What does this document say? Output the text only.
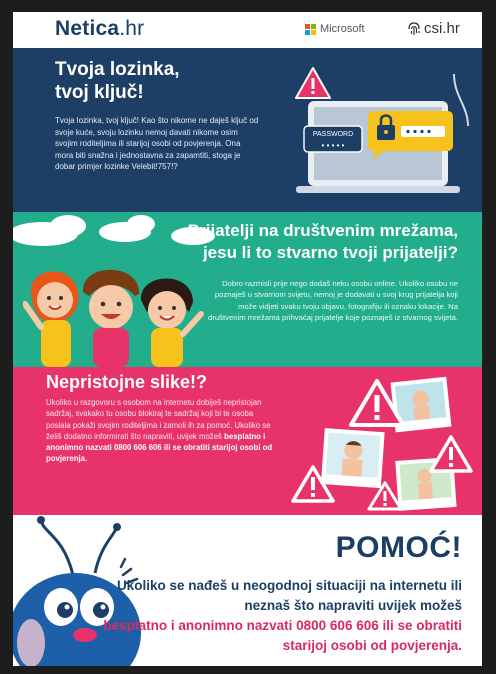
Netica.hr	Microsoft	csi.hr
Tvoja lozinka,
tvoj ključ!

Tvoja lozinka, tvoj ključ! Kao što nikome ne daješ ključ od svoje kuće, svoju lozinku nemoj davati nikome osim svojim roditeljima ili starijoj osobi od povjerenja. Ona mora biti snažna i jednostavna za zapamtiti, stoga je dobar primjer lozinke Velebit!757!?

PASSWORD
• • • • •
Prijatelji na društvenim mrežama,
jesu li to stvarno tvoji prijatelji?

Dobro razmisli prije nego dodaš neku osobu online. Ukoliko osobu ne poznaješ u stvarnom svijetu, nemoj je dodavati u svoj krug prijatelja koji može vidjeti svaku tvoju objavu, fotografiju ili oznaku lokacije. Na društvenim mrežama prihvaćaj prijatelje koje poznaješ iz stvarnog svijeta.

Nepristojne slike!?

Ukoliko u razgovoru s osobom na internetu dobiješ nepristojan sadržaj, svakako tu osobu blokiraj te sadržaj koji bi te osoba poslala pokaži svojim roditeljima i zamoli ih za pomoć. Ukoliko se želiš dodatno informirati što napraviti, uvijek možeš besplatno i anonimno nazvati 0800 606 606 ili se obratiti starijoj osobi od povjerenja.

POMOĆ!

Ukoliko se nađeš u neogodnoj situaciji na internetu ili neznaš što napraviti uvijek možeš

besplatno i anonimno nazvati 0800 606 606 ili se obratiti starijoj osobi od povjerenja.
